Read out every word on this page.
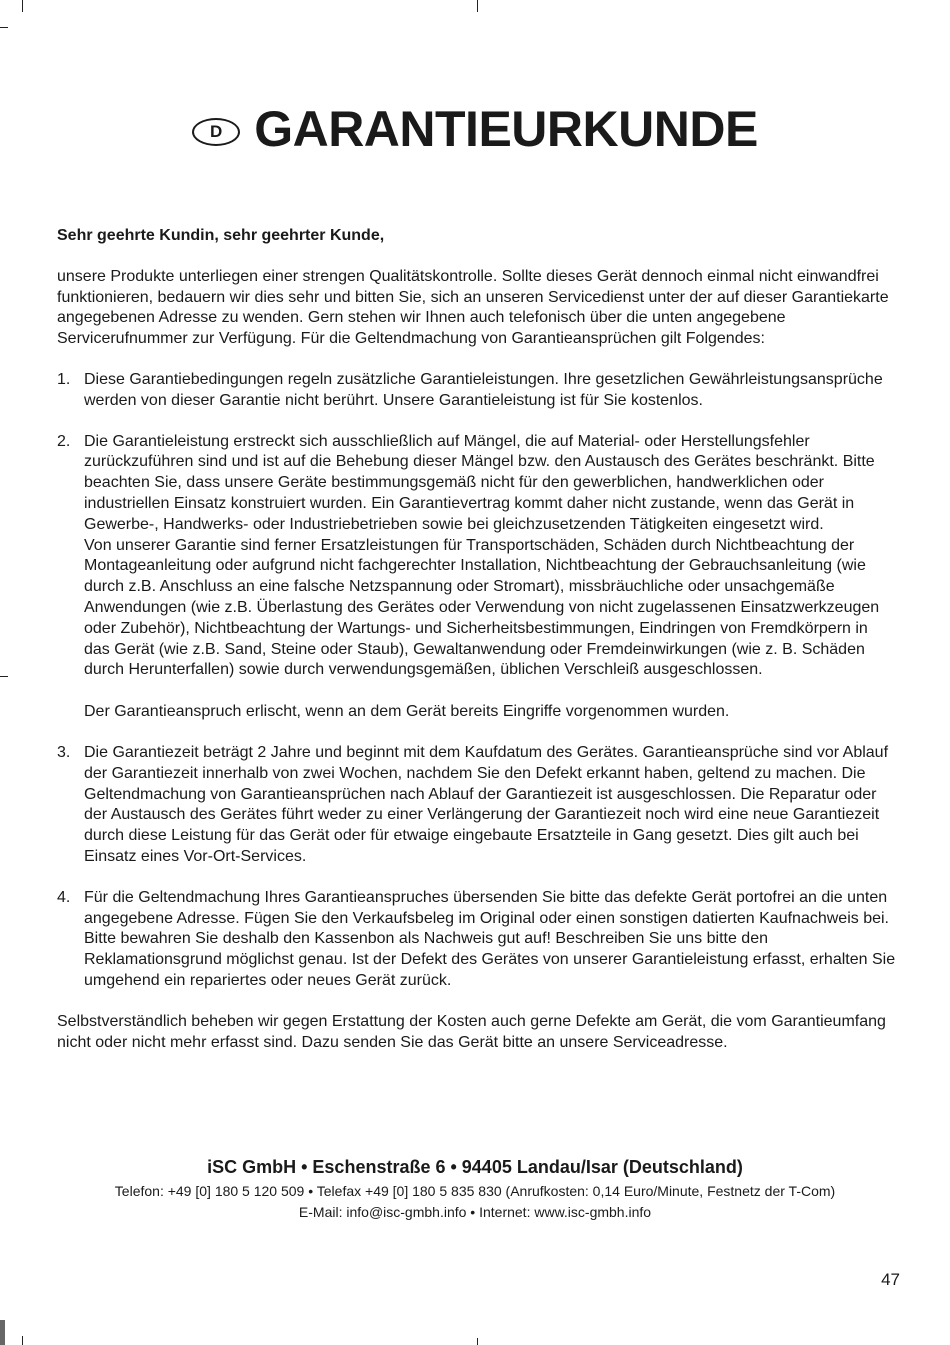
D GARANTIEURKUNDE

Sehr geehrte Kundin, sehr geehrter Kunde,

unsere Produkte unterliegen einer strengen Qualitätskontrolle. Sollte dieses Gerät dennoch einmal nicht einwandfrei funktionieren, bedauern wir dies sehr und bitten Sie, sich an unseren Servicedienst unter der auf dieser Garantiekarte angegebenen Adresse zu wenden. Gern stehen wir Ihnen auch telefonisch über die unten angegebene Servicerufnummer zur Verfügung. Für die Geltendmachung von Garantieansprüchen gilt Folgendes:

1. Diese Garantiebedingungen regeln zusätzliche Garantieleistungen. Ihre gesetzlichen Gewährleistungsansprüche werden von dieser Garantie nicht berührt. Unsere Garantieleistung ist für Sie kostenlos.

2. Die Garantieleistung erstreckt sich ausschließlich auf Mängel, die auf Material- oder Herstellungsfehler zurückzuführen sind und ist auf die Behebung dieser Mängel bzw. den Austausch des Gerätes beschränkt. Bitte beachten Sie, dass unsere Geräte bestimmungsgemäß nicht für den gewerblichen, handwerklichen oder industriellen Einsatz konstruiert wurden. Ein Garantievertrag kommt daher nicht zustande, wenn das Gerät in Gewerbe-, Handwerks- oder Industriebetrieben sowie bei gleichzusetzenden Tätigkeiten eingesetzt wird.

Von unserer Garantie sind ferner Ersatzleistungen für Transportschäden, Schäden durch Nichtbeachtung der Montageanleitung oder aufgrund nicht fachgerechter Installation, Nichtbeachtung der Gebrauchsanleitung (wie durch z.B. Anschluss an eine falsche Netzspannung oder Stromart), missbräuchliche oder unsachgemäße Anwendungen (wie z.B. Überlastung des Gerätes oder Verwendung von nicht zugelassenen Einsatzwerkzeugen oder Zubehör), Nichtbeachtung der Wartungs- und Sicherheitsbestimmungen, Eindringen von Fremdkörpern in das Gerät (wie z.B. Sand, Steine oder Staub), Gewaltanwendung oder Fremdeinwirkungen (wie z. B. Schäden durch Herunterfallen) sowie durch verwendungsgemäßen, üblichen Verschleiß ausgeschlossen.

Der Garantieanspruch erlischt, wenn an dem Gerät bereits Eingriffe vorgenommen wurden.

3. Die Garantiezeit beträgt 2 Jahre und beginnt mit dem Kaufdatum des Gerätes. Garantieansprüche sind vor Ablauf der Garantiezeit innerhalb von zwei Wochen, nachdem Sie den Defekt erkannt haben, geltend zu machen. Die Geltendmachung von Garantieansprüchen nach Ablauf der Garantiezeit ist ausgeschlossen. Die Reparatur oder der Austausch des Gerätes führt weder zu einer Verlängerung der Garantiezeit noch wird eine neue Garantiezeit durch diese Leistung für das Gerät oder für etwaige eingebaute Ersatzteile in Gang gesetzt. Dies gilt auch bei Einsatz eines Vor-Ort-Services.

4. Für die Geltendmachung Ihres Garantieanspruches übersenden Sie bitte das defekte Gerät portofrei an die unten angegebene Adresse. Fügen Sie den Verkaufsbeleg im Original oder einen sonstigen datierten Kaufnachweis bei. Bitte bewahren Sie deshalb den Kassenbon als Nachweis gut auf! Beschreiben Sie uns bitte den Reklamationsgrund möglichst genau. Ist der Defekt des Gerätes von unserer Garantieleistung erfasst, erhalten Sie umgehend ein repariertes oder neues Gerät zurück.

Selbstverständlich beheben wir gegen Erstattung der Kosten auch gerne Defekte am Gerät, die vom Garantieumfang nicht oder nicht mehr erfasst sind. Dazu senden Sie das Gerät bitte an unsere Serviceadresse.

iSC GmbH • Eschenstraße 6 • 94405 Landau/Isar (Deutschland)

Telefon: +49 [0] 180 5 120 509 • Telefax +49 [0] 180 5 835 830 (Anrufkosten: 0,14 Euro/Minute, Festnetz der T-Com)

E-Mail: info@isc-gmbh.info • Internet: www.isc-gmbh.info

47
